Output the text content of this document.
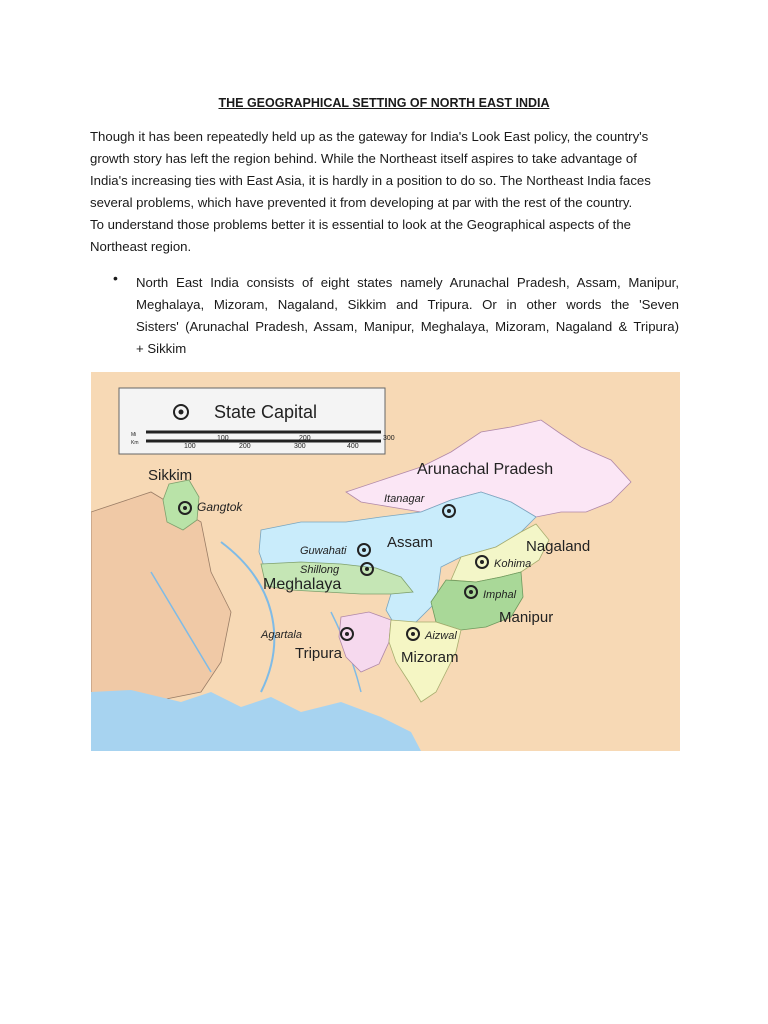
THE GEOGRAPHICAL SETTING OF NORTH EAST INDIA
Though it has been repeatedly held up as the gateway for India's Look East policy, the country's
growth story has left the region behind. While the Northeast itself aspires to take advantage of
India's increasing ties with East Asia, it is hardly in a position to do so. The Northeast India faces
several problems, which have prevented it from developing at par with the rest of the country.
To understand those problems better it is essential to look at the Geographical aspects of the
Northeast region.
• North East India consists of eight states namely Arunachal Pradesh, Assam, Manipur,
Meghalaya, Mizoram, Nagaland, Sikkim and Tripura. Or in other words the 'Seven
Sisters' (Arunachal Pradesh, Assam, Manipur, Meghalaya, Mizoram, Nagaland & Tripura)
+ Sikkim
State Capital
Mi
Km
100	200	300
100	200	300	400
Sikkim	Arunachal Pradesh
Assam	Nagaland
Meghalaya
Manipur
Tripura	Mizoram
Gangtok
Itanagar
Guwahati
Shillong	Kohima
Imphal
Agartala	Aizwal
